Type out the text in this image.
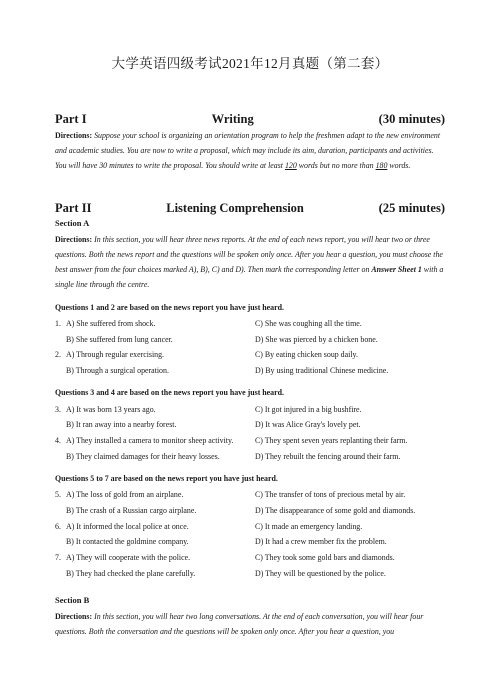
大学英语四级考试2021年12月真题（第二套）
Part I	Writing	(30 minutes)

Directions: Suppose your school is organizing an orientation program to help the freshmen adapt to the new environment and academic studies. You are now to write a proposal, which may include its aim, duration, participants and activities. You will have 30 minutes to write the proposal. You should write at least 120 words but no more than 180 words.

Part II	Listening Comprehension	(25 minutes)
Section A

Directions: In this section, you will hear three news reports. At the end of each news report, you will hear two or three questions. Both the news report and the questions will be spoken only once. After you hear a question, you must choose the best answer from the four choices marked A), B), C) and D). Then mark the corresponding letter on Answer Sheet 1 with a single line through the centre.

Questions 1 and 2 are based on the news report you have just heard.
1. A) She suffered from shock.	C) She was coughing all the time.
B) She suffered from lung cancer.	D) She was pierced by a chicken bone.
2. A) Through regular exercising.	C) By eating chicken soup daily.
B) Through a surgical operation.	D) By using traditional Chinese medicine.
Questions 3 and 4 are based on the news report you have just heard.
3. A) It was born 13 years ago.	C) It got injured in a big bushfire.
B) It ran away into a nearby forest.	D) It was Alice Gray's lovely pet.
4. A) They installed a camera to monitor sheep activity.	C) They spent seven years replanting their farm.
B) They claimed damages for their heavy losses.	D) They rebuilt the fencing around their farm.
Questions 5 to 7 are based on the news report you have just heard.
5. A) The loss of gold from an airplane.	C) The transfer of tons of precious metal by air.
B) The crash of a Russian cargo airplane.	D) The disappearance of some gold and diamonds.
6. A) It informed the local police at once.	C) It made an emergency landing.
B) It contacted the goldmine company.	D) It had a crew member fix the problem.
7. A) They will cooperate with the police.	C) They took some gold bars and diamonds.
B) They had checked the plane carefully.	D) They will be questioned by the police.
Section B

Directions: In this section, you will hear two long conversations. At the end of each conversation, you will hear four questions. Both the conversation and the questions will be spoken only once. After you hear a question, you
